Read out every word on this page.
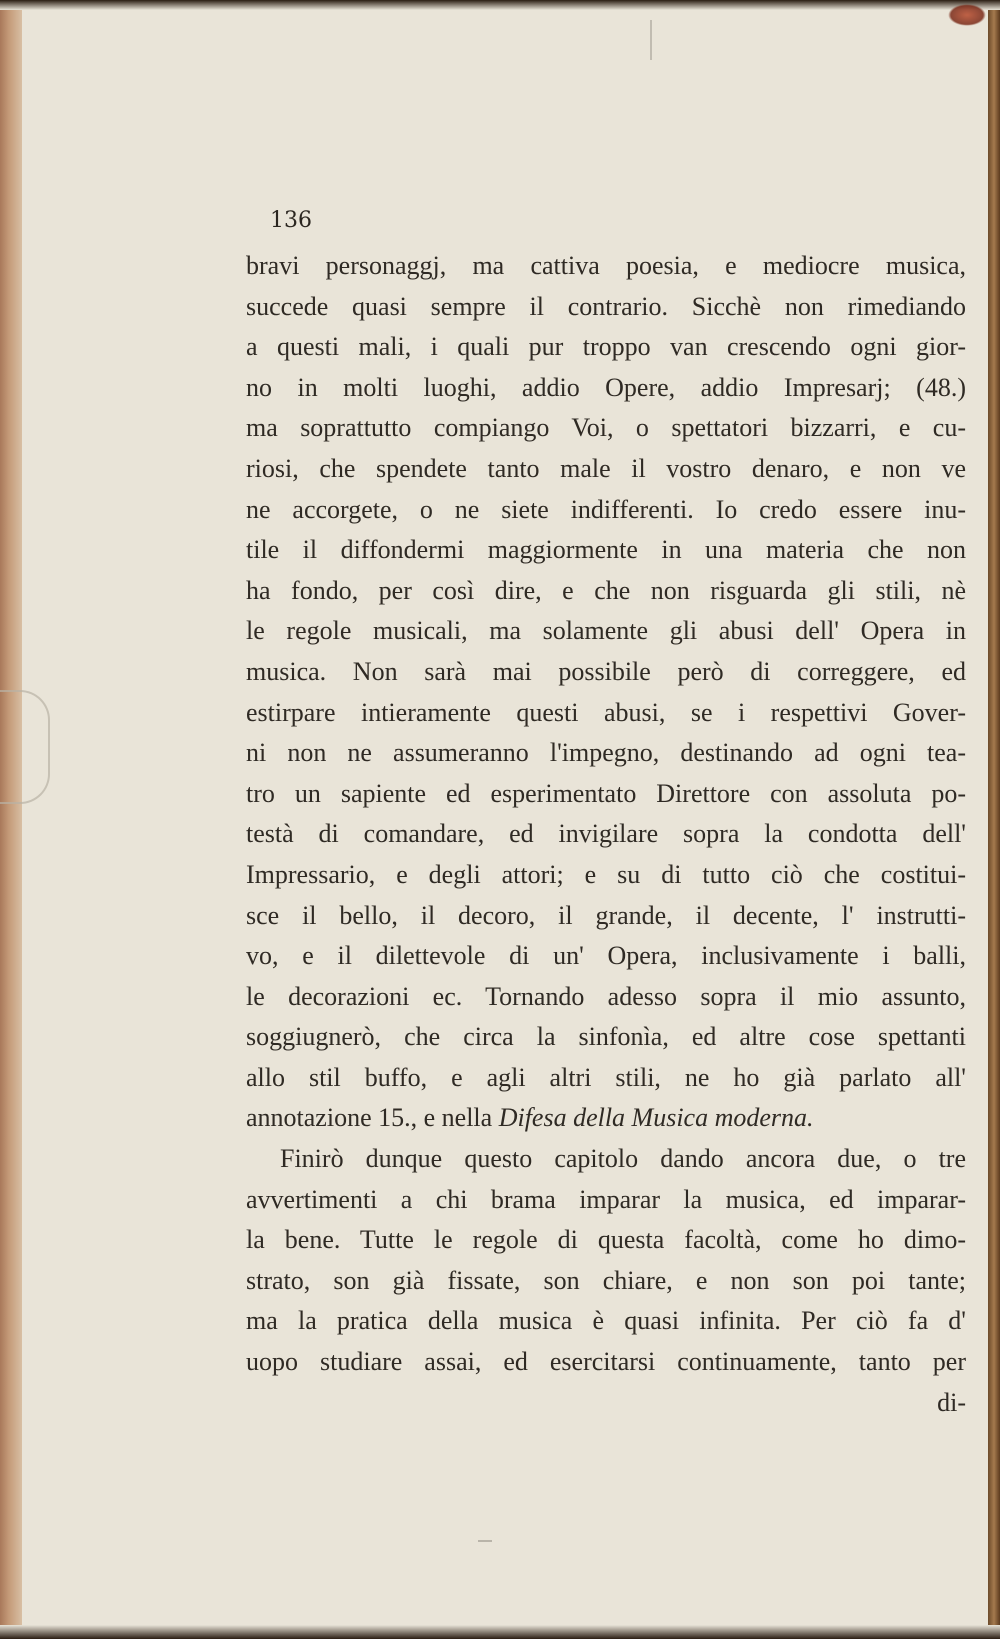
136
bravi personaggj, ma cattiva poesia, e mediocre musica,
succede quasi sempre il contrario. Sicchè non rimediando
a questi mali, i quali pur troppo van crescendo ogni gior-
no in molti luoghi, addio Opere, addio Impresarj; (48.)
ma soprattutto compiango Voi, o spettatori bizzarri, e cu-
riosi, che spendete tanto male il vostro denaro, e non ve
ne accorgete, o ne siete indifferenti. Io credo essere inu-
tile il diffondermi maggiormente in una materia che non
ha fondo, per così dire, e che non risguarda gli stili, nè
le regole musicali, ma solamente gli abusi dell' Opera in
musica. Non sarà mai possibile però di correggere, ed
estirpare intieramente questi abusi, se i respettivi Gover-
ni non ne assumeranno l'impegno, destinando ad ogni tea-
tro un sapiente ed esperimentato Direttore con assoluta po-
testà di comandare, ed invigilare sopra la condotta dell'
Impressario, e degli attori; e su di tutto ciò che costitui-
sce il bello, il decoro, il grande, il decente, l' instrutti-
vo, e il dilettevole di un' Opera, inclusivamente i balli,
le decorazioni ec. Tornando adesso sopra il mio assunto,
soggiugnerò, che circa la sinfonìa, ed altre cose spettanti
allo stil buffo, e agli altri stili, ne ho già parlato all'
annotazione 15., e nella Difesa della Musica moderna.
Finirò dunque questo capitolo dando ancora due, o tre
avvertimenti a chi brama imparar la musica, ed imparar-
la bene. Tutte le regole di questa facoltà, come ho dimo-
strato, son già fissate, son chiare, e non son poi tante;
ma la pratica della musica è quasi infinita. Per ciò fa d'
uopo studiare assai, ed esercitarsi continuamente, tanto per
di-
